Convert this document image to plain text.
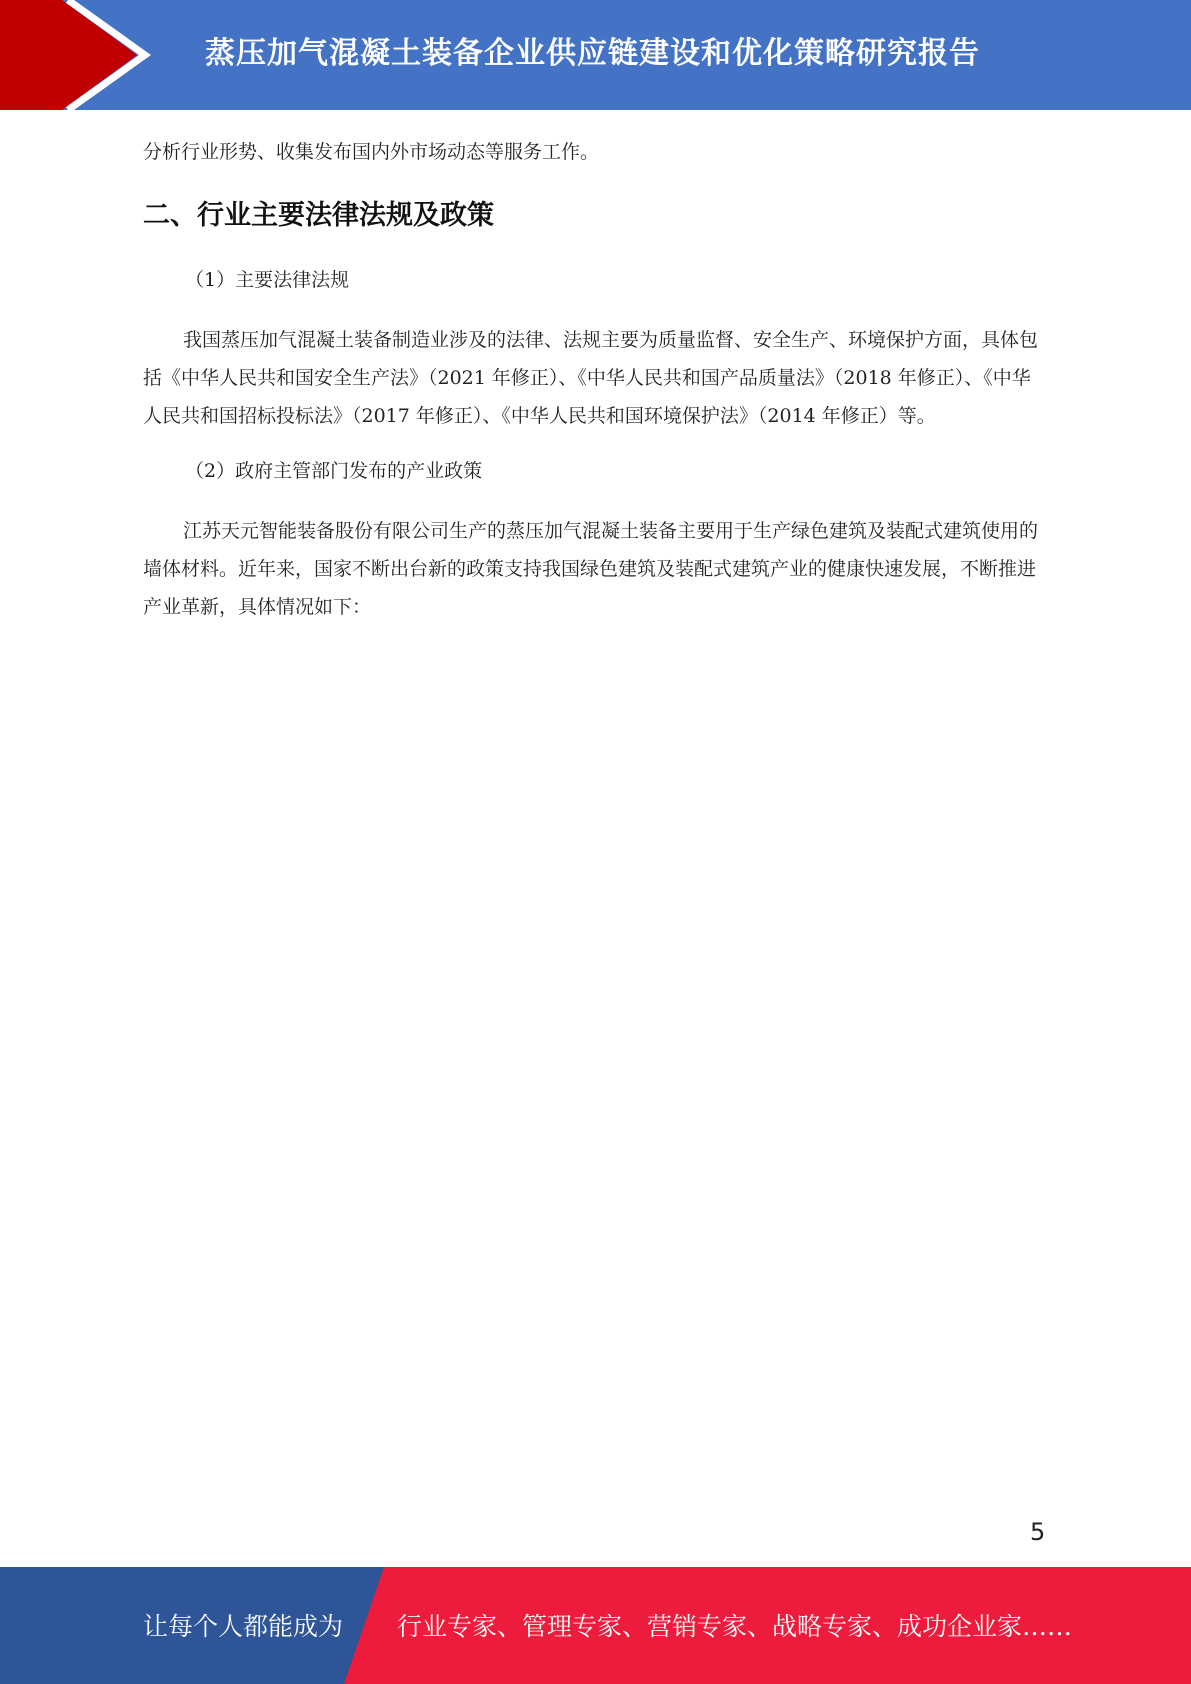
蒸压加气混凝土装备企业供应链建设和优化策略研究报告

分析行业形势、收集发布国内外市场动态等服务工作。

二、行业主要法律法规及政策

（1）主要法律法规

我国蒸压加气混凝土装备制造业涉及的法律、法规主要为质量监督、安全生产、环境保护方面，具体包括《中华人民共和国安全生产法》（2021 年修正）、《中华人民共和国产品质量法》（2018 年修正）、《中华人民共和国招标投标法》（2017 年修正）、《中华人民共和国环境保护法》（2014 年修正）等。

（2）政府主管部门发布的产业政策

江苏天元智能装备股份有限公司生产的蒸压加气混凝土装备主要用于生产绿色建筑及装配式建筑使用的墙体材料。近年来，国家不断出台新的政策支持我国绿色建筑及装配式建筑产业的健康快速发展，不断推进产业革新，具体情况如下：

5
让每个人都能成为 行业专家、管理专家、营销专家、战略专家、成功企业家……
